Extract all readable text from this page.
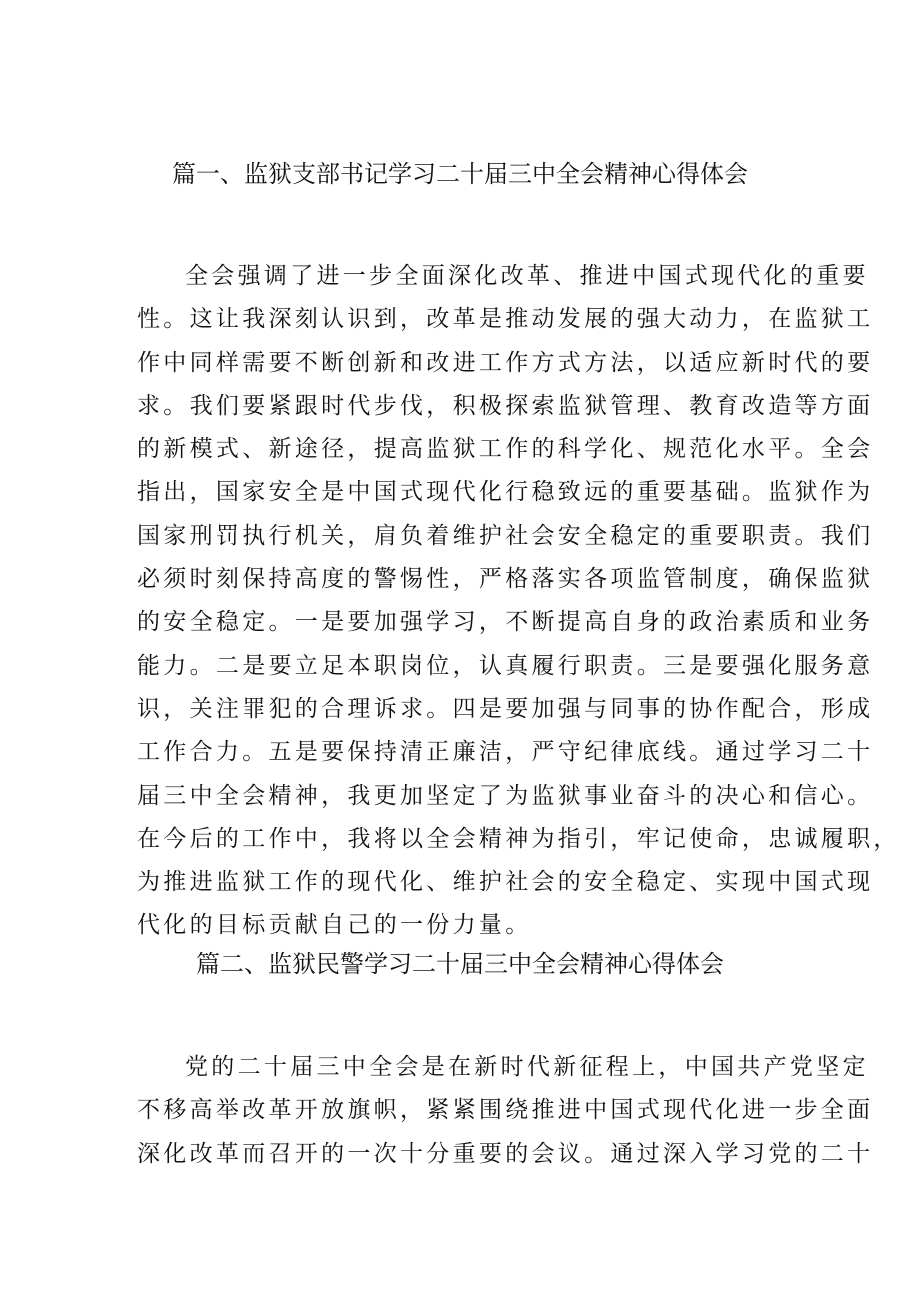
篇一、监狱支部书记学习二十届三中全会精神心得体会

全会强调了进一步全面深化改革、推进中国式现代化的重要
性。这让我深刻认识到，改革是推动发展的强大动力，在监狱工
作中同样需要不断创新和改进工作方式方法，以适应新时代的要
求。我们要紧跟时代步伐，积极探索监狱管理、教育改造等方面
的新模式、新途径，提高监狱工作的科学化、规范化水平。全会
指出，国家安全是中国式现代化行稳致远的重要基础。监狱作为
国家刑罚执行机关，肩负着维护社会安全稳定的重要职责。我们
必须时刻保持高度的警惕性，严格落实各项监管制度，确保监狱
的安全稳定。一是要加强学习，不断提高自身的政治素质和业务
能力。二是要立足本职岗位，认真履行职责。三是要强化服务意
识，关注罪犯的合理诉求。四是要加强与同事的协作配合，形成
工作合力。五是要保持清正廉洁，严守纪律底线。通过学习二十
届三中全会精神，我更加坚定了为监狱事业奋斗的决心和信心。
在今后的工作中，我将以全会精神为指引，牢记使命，忠诚履职，
为推进监狱工作的现代化、维护社会的安全稳定、实现中国式现
代化的目标贡献自己的一份力量。

篇二、监狱民警学习二十届三中全会精神心得体会

党的二十届三中全会是在新时代新征程上，中国共产党坚定
不移高举改革开放旗帜，紧紧围绕推进中国式现代化进一步全面
深化改革而召开的一次十分重要的会议。通过深入学习党的二十
